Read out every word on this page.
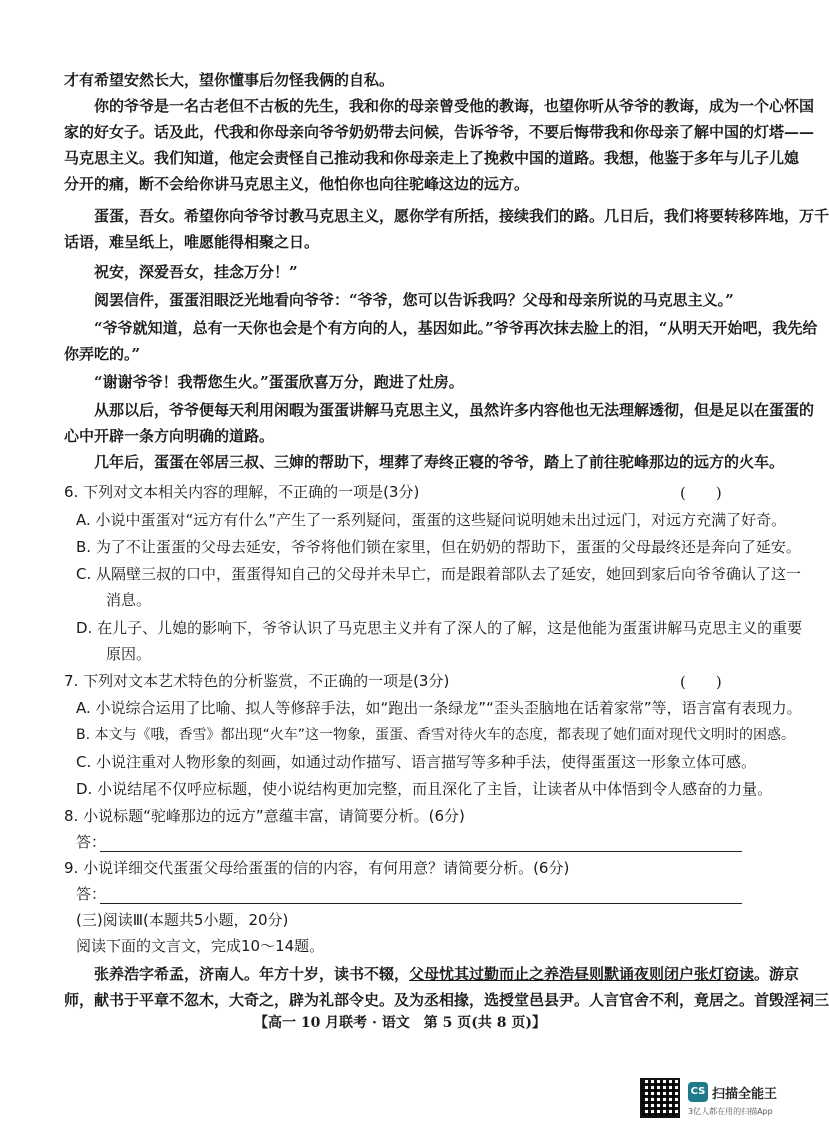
才有希望安然长大，望你懂事后勿怪我俩的自私。
　　你的爷爷是一名古老但不古板的先生，我和你的母亲曾受他的教诲，也望你听从爷爷的教诲，成为一个心怀国
家的好女子。话及此，代我和你母亲向爷爷奶奶带去问候，告诉爷爷，不要后悔带我和你母亲了解中国的灯塔——
马克思主义。我们知道，他定会责怪自己推动我和你母亲走上了挽救中国的道路。我想，他鉴于多年与儿子儿媳
分开的痛，断不会给你讲马克思主义，他怕你也向往驼峰这边的远方。
　　蛋蛋，吾女。希望你向爷爷讨教马克思主义，愿你学有所括，接续我们的路。几日后，我们将要转移阵地，万千
话语，难呈纸上，唯愿能得相聚之日。
　　祝安，深爱吾女，挂念万分！”
　　阅罢信件，蛋蛋泪眼泛光地看向爷爷：“爷爷，您可以告诉我吗？父母和母亲所说的马克思主义。”
　　“爷爷就知道，总有一天你也会是个有方向的人，基因如此。”爷爷再次抹去脸上的泪，“从明天开始吧，我先给
你弄吃的。”
　　“谢谢爷爷！我帮您生火。”蛋蛋欣喜万分，跑进了灶房。
　　从那以后，爷爷便每天利用闲暇为蛋蛋讲解马克思主义，虽然许多内容他也无法理解透彻，但是足以在蛋蛋的
心中开辟一条方向明确的道路。
　　几年后，蛋蛋在邻居三叔、三婶的帮助下，埋葬了寿终正寝的爷爷，踏上了前往驼峰那边的远方的火车。
6. 下列对文本相关内容的理解，不正确的一项是(3分)	(　　)
A. 小说中蛋蛋对“远方有什么”产生了一系列疑问，蛋蛋的这些疑问说明她未出过远门，对远方充满了好奇。
B. 为了不让蛋蛋的父母去延安，爷爷将他们锁在家里，但在奶奶的帮助下，蛋蛋的父母最终还是奔向了延安。
C. 从隔壁三叔的口中，蛋蛋得知自己的父母并未早亡，而是跟着部队去了延安，她回到家后向爷爷确认了这一
　　消息。
D. 在儿子、儿媳的影响下，爷爷认识了马克思主义并有了深人的了解，这是他能为蛋蛋讲解马克思主义的重要
　　原因。
7. 下列对文本艺术特色的分析鉴赏，不正确的一项是(3分)	(　　)
A. 小说综合运用了比喻、拟人等修辞手法，如“跑出一条绿龙”“歪头歪脑地在话着家常”等，语言富有表现力。
B. 本文与《哦，香雪》都出现“火车”这一物象，蛋蛋、香雪对待火车的态度，都表现了她们面对现代文明时的困惑。
C. 小说注重对人物形象的刻画，如通过动作描写、语言描写等多种手法，使得蛋蛋这一形象立体可感。
D. 小说结尾不仅呼应标题，使小说结构更加完整，而且深化了主旨，让读者从中体悟到令人感奋的力量。
8. 小说标题“驼峰那边的远方”意蕴丰富，请简要分析。(6分)
答：
9. 小说详细交代蛋蛋父母给蛋蛋的信的内容，有何用意？请简要分析。(6分)
答：
(三)阅读Ⅲ(本题共5小题，20分)
阅读下面的文言文，完成10～14题。
　　张养浩字希孟，济南人。年方十岁，读书不辍，父母忧其过勤而止之养浩昼则默诵夜则闭户张灯窃读。游京
师，献书于平章不忽木，大奇之，辟为礼部令史。及为丞相掾，选授堂邑县尹。人言官舍不利，竟居之。首毁淫祠三
【高一 10 月联考 · 语文　第 5 页(共 8 页)】
CS 扫描全能王
3亿人都在用的扫描App
